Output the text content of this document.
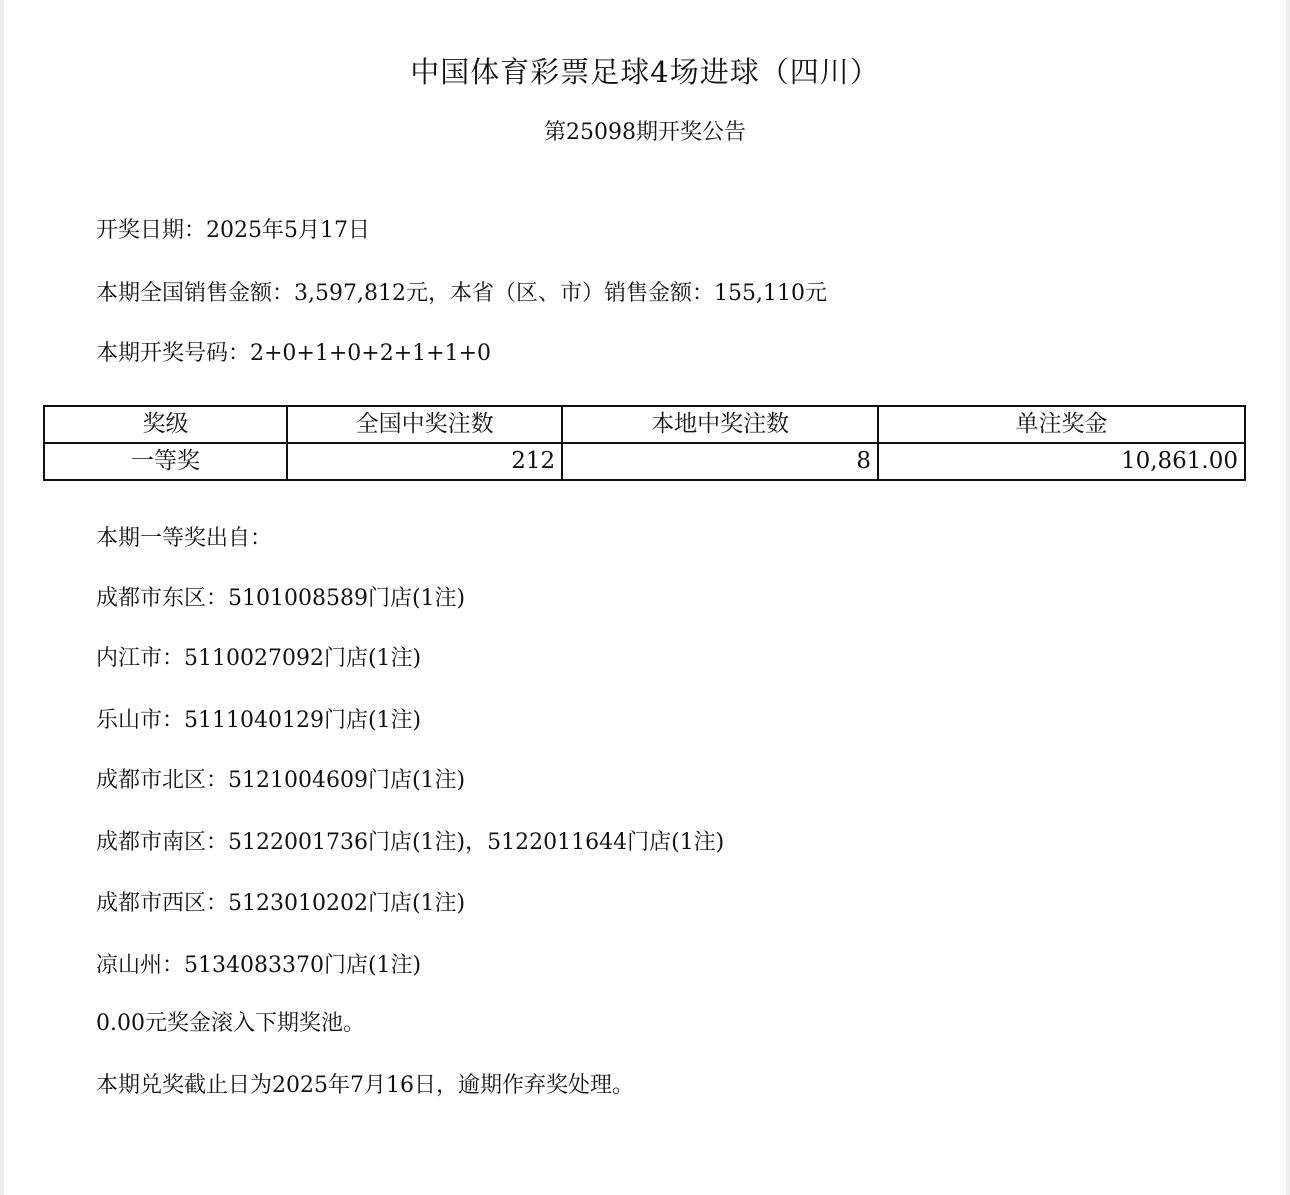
中国体育彩票足球4场进球（四川）
第25098期开奖公告
开奖日期：2025年5月17日
本期全国销售金额：3,597,812元，本省（区、市）销售金额：155,110元
本期开奖号码：2+0+1+0+2+1+1+0
奖级	全国中奖注数	本地中奖注数	单注奖金
一等奖	212	8	10,861.00
本期一等奖出自：
成都市东区：5101008589门店(1注)
内江市：5110027092门店(1注)
乐山市：5111040129门店(1注)
成都市北区：5121004609门店(1注)
成都市南区：5122001736门店(1注)，5122011644门店(1注)
成都市西区：5123010202门店(1注)
凉山州：5134083370门店(1注)
0.00元奖金滚入下期奖池。
本期兑奖截止日为2025年7月16日，逾期作弃奖处理。
